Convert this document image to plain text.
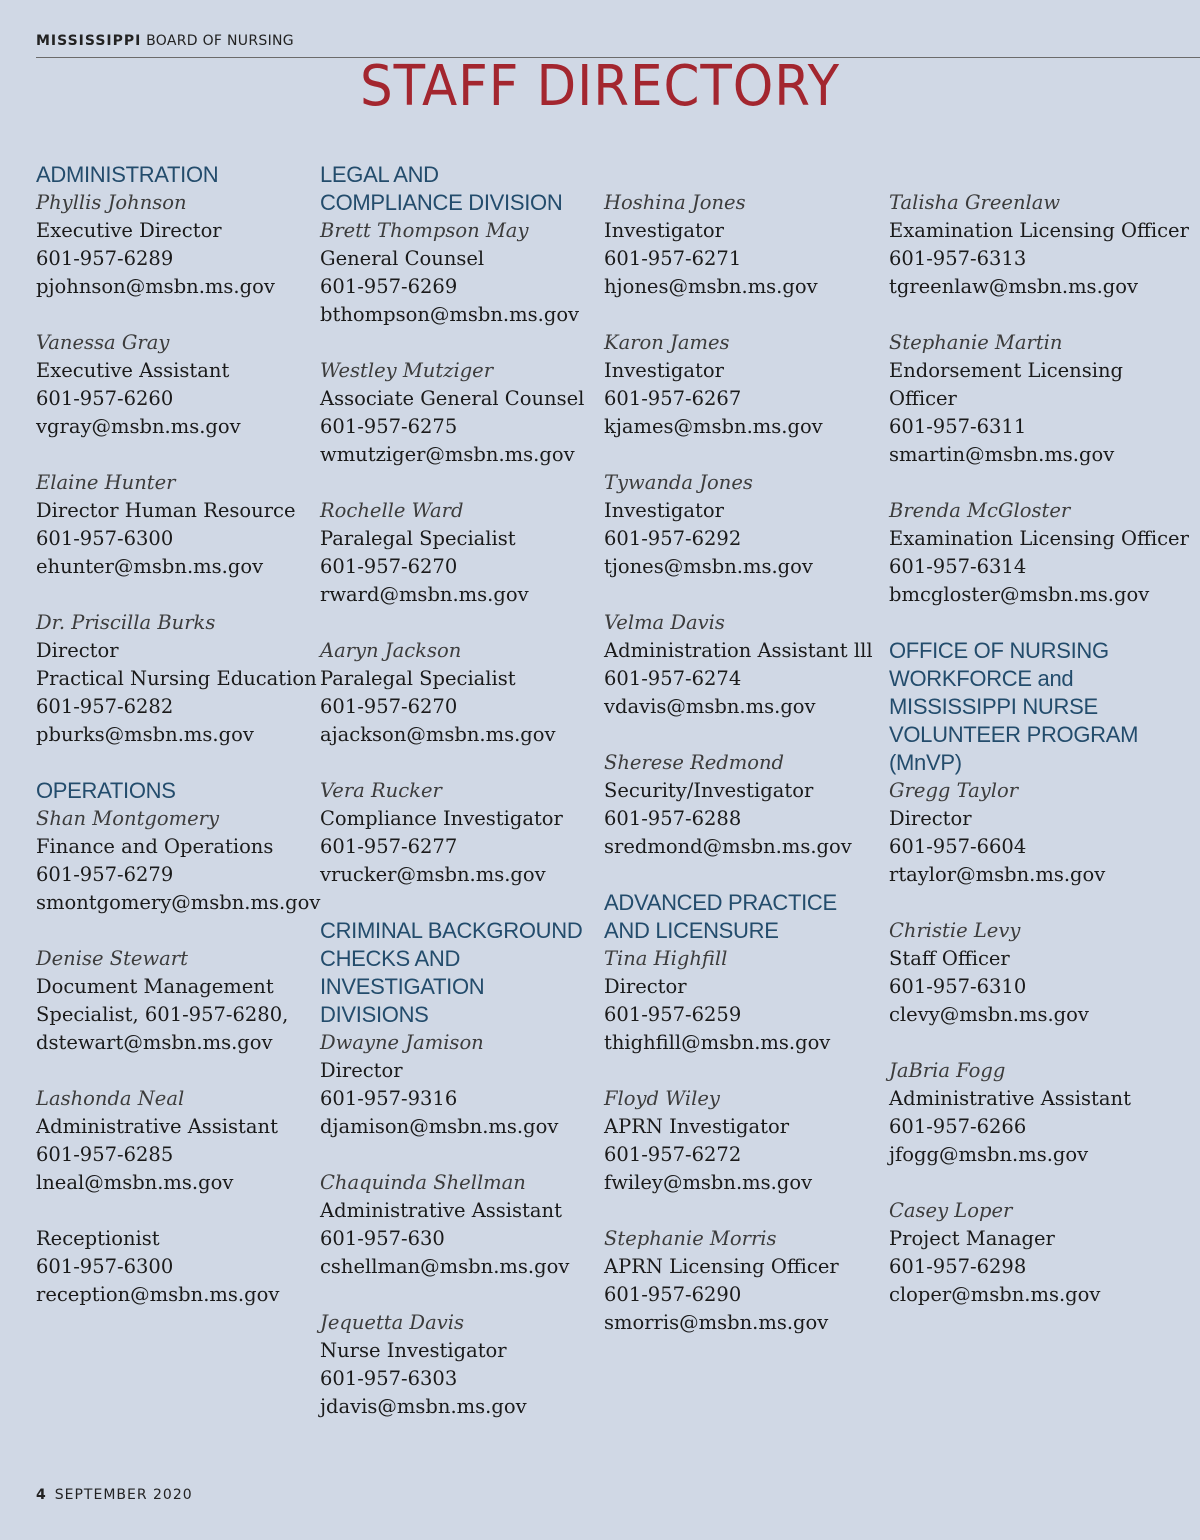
MISSISSIPPI BOARD OF NURSING
STAFF DIRECTORY
ADMINISTRATION
Phyllis Johnson
Executive Director
601-957-6289
pjohnson@msbn.ms.gov
Vanessa Gray
Executive Assistant
601-957-6260
vgray@msbn.ms.gov
Elaine Hunter
Director Human Resource
601-957-6300
ehunter@msbn.ms.gov
Dr. Priscilla Burks
Director
Practical Nursing Education
601-957-6282
pburks@msbn.ms.gov
OPERATIONS
Shan Montgomery
Finance and Operations
601-957-6279
smontgomery@msbn.ms.gov
Denise Stewart
Document Management
Specialist, 601-957-6280,
dstewart@msbn.ms.gov
Lashonda Neal
Administrative Assistant
601-957-6285
lneal@msbn.ms.gov
Receptionist
601-957-6300
reception@msbn.ms.gov
LEGAL AND
COMPLIANCE DIVISION
Brett Thompson May
General Counsel
601-957-6269
bthompson@msbn.ms.gov
Westley Mutziger
Associate General Counsel
601-957-6275
wmutziger@msbn.ms.gov
Rochelle Ward
Paralegal Specialist
601-957-6270
rward@msbn.ms.gov
Aaryn Jackson
Paralegal Specialist
601-957-6270
ajackson@msbn.ms.gov
Vera Rucker
Compliance Investigator
601-957-6277
vrucker@msbn.ms.gov
CRIMINAL BACKGROUND
CHECKS AND INVESTIGATION
DIVISIONS
Dwayne Jamison
Director
601-957-9316
djamison@msbn.ms.gov
Chaquinda Shellman
Administrative Assistant
601-957-630
cshellman@msbn.ms.gov
Jequetta Davis
Nurse Investigator
601-957-6303
jdavis@msbn.ms.gov
Hoshina Jones
Investigator
601-957-6271
hjones@msbn.ms.gov
Karon James
Investigator
601-957-6267
kjames@msbn.ms.gov
Tywanda Jones
Investigator
601-957-6292
tjones@msbn.ms.gov
Velma Davis
Administration Assistant lll
601-957-6274
vdavis@msbn.ms.gov
Sherese Redmond
Security/Investigator
601-957-6288
sredmond@msbn.ms.gov
ADVANCED PRACTICE
AND LICENSURE
Tina Highfill
Director
601-957-6259
thighfill@msbn.ms.gov
Floyd Wiley
APRN Investigator
601-957-6272
fwiley@msbn.ms.gov
Stephanie Morris
APRN Licensing Officer
601-957-6290
smorris@msbn.ms.gov
Talisha Greenlaw
Examination Licensing Officer
601-957-6313
tgreenlaw@msbn.ms.gov
Stephanie Martin
Endorsement Licensing
Officer
601-957-6311
smartin@msbn.ms.gov
Brenda McGloster
Examination Licensing Officer
601-957-6314
bmcgloster@msbn.ms.gov
OFFICE OF NURSING
WORKFORCE and
MISSISSIPPI NURSE
VOLUNTEER PROGRAM (MnVP)
Gregg Taylor
Director
601-957-6604
rtaylor@msbn.ms.gov
Christie Levy
Staff Officer
601-957-6310
clevy@msbn.ms.gov
JaBria Fogg
Administrative Assistant
601-957-6266
jfogg@msbn.ms.gov
Casey Loper
Project Manager
601-957-6298
cloper@msbn.ms.gov
4 SEPTEMBER 2020
